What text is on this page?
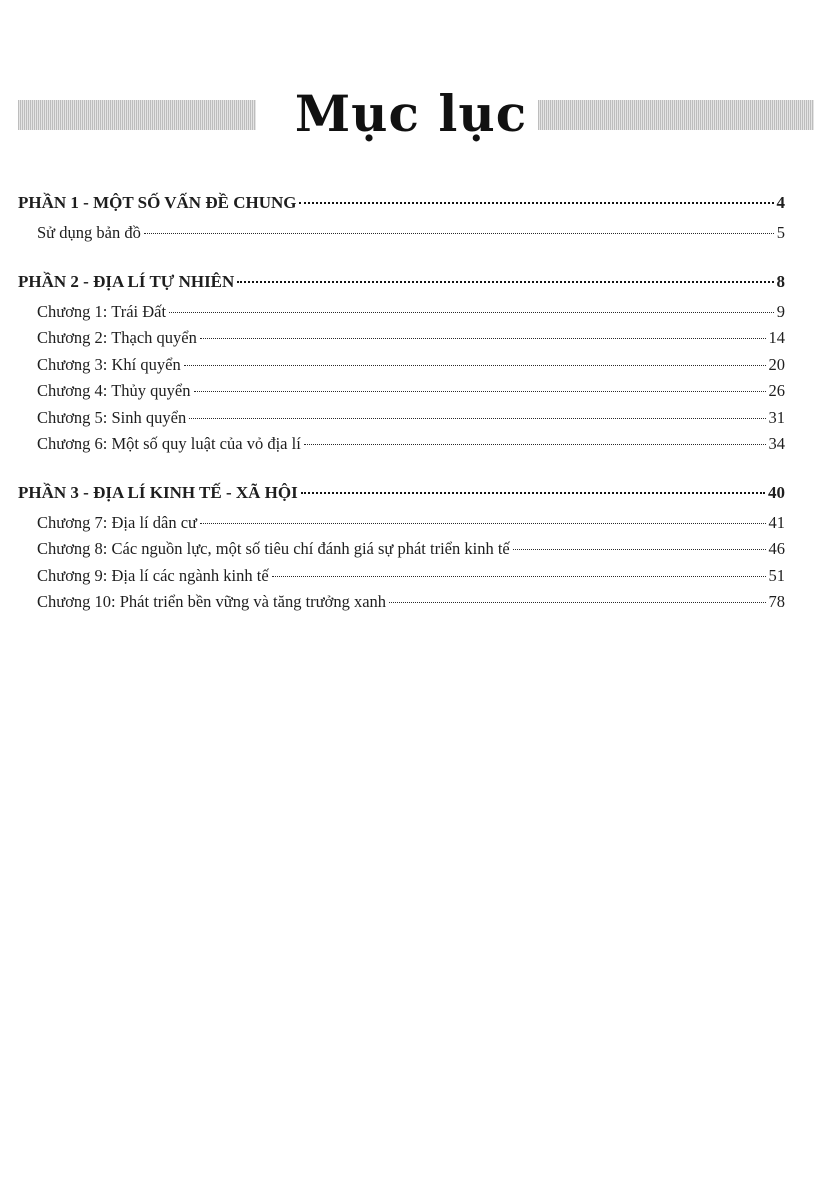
Mục lục
PHẦN 1 - MỘT SỐ VẤN ĐỀ CHUNG	4
Sử dụng bản đồ	5
PHẦN 2 - ĐỊA LÍ TỰ NHIÊN	8
Chương 1: Trái Đất	9
Chương 2: Thạch quyển	14
Chương 3: Khí quyển	20
Chương 4: Thủy quyển	26
Chương 5: Sinh quyển	31
Chương 6: Một số quy luật của vỏ địa lí	34
PHẦN 3 - ĐỊA LÍ KINH TẾ - XÃ HỘI	40
Chương 7: Địa lí dân cư	41
Chương 8: Các nguồn lực, một số tiêu chí đánh giá sự phát triển kinh tế	46
Chương 9: Địa lí các ngành kinh tế	51
Chương 10: Phát triển bền vững và tăng trưởng xanh	78
